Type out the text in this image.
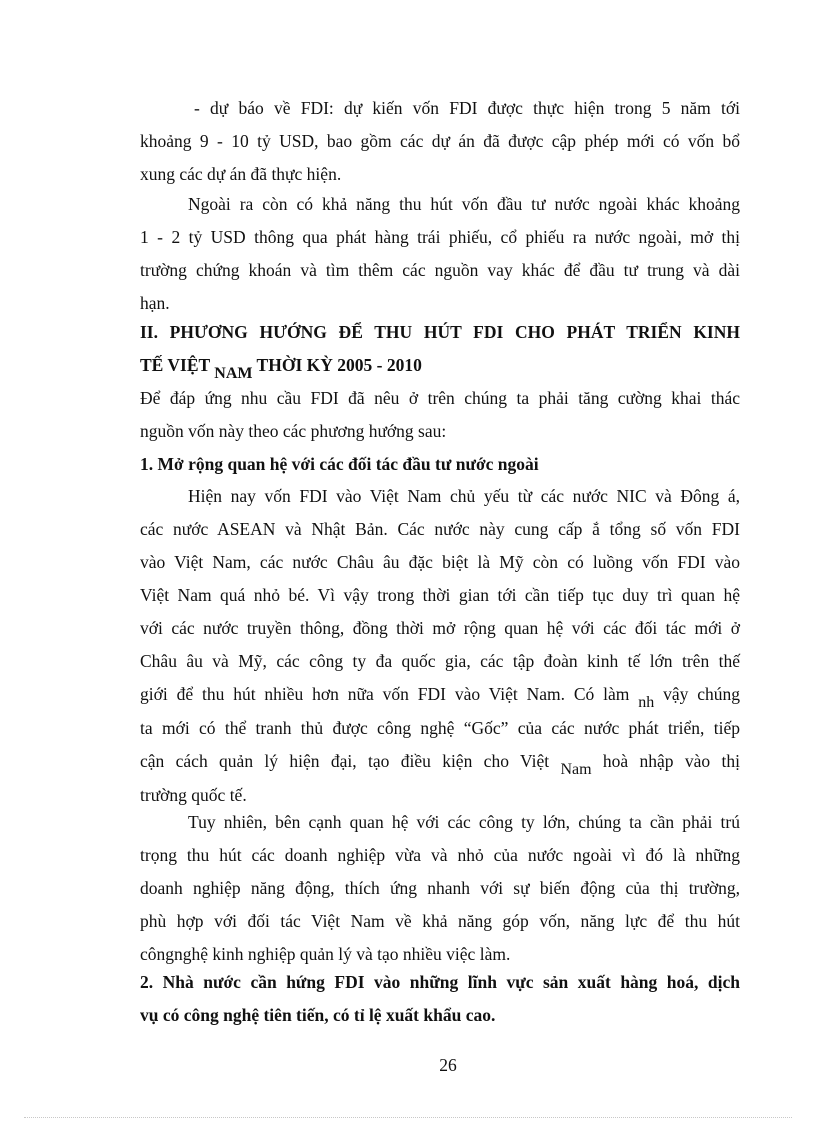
- dự báo về FDI: dự kiến vốn FDI được thực hiện trong 5 năm tới
khoảng 9 - 10 tỷ USD, bao gồm các dự án đã được cập phép mới có vốn bổ
xung các dự án đã thực hiện.
Ngoài ra còn có khả năng thu hút vốn đầu tư nước ngoài khác khoảng
1 - 2 tỷ USD thông qua phát hàng trái phiếu, cổ phiếu ra nước ngoài, mở thị
trường chứng khoán và tìm thêm các nguồn vay khác để đầu tư trung và dài
hạn.
II. PHƯƠNG HƯỚNG ĐỂ THU HÚT FDI CHO PHÁT TRIỂN KINH
TẾ VIỆT NAM THỜI KỲ 2005 - 2010
Để đáp ứng nhu cầu FDI đã nêu ở trên chúng ta phải tăng cường khai thác
nguồn vốn này theo các phương hướng sau:
1. Mở rộng quan hệ với các đối tác đầu tư nước ngoài
Hiện nay vốn FDI vào Việt Nam chủ yếu từ các nước NIC và Đông á,
các nước ASEAN và Nhật Bản. Các nước này cung cấp ắ tổng số vốn FDI
vào Việt Nam, các nước Châu âu đặc biệt là Mỹ còn có luồng vốn FDI vào
Việt Nam quá nhỏ bé. Vì vậy trong thời gian tới cần tiếp tục duy trì quan hệ
với các nước truyền thông, đồng thời mở rộng quan hệ với các đối tác mới ở
Châu âu và Mỹ, các công ty đa quốc gia, các tập đoàn kinh tế lớn trên thế
giới để thu hút nhiều hơn nữa vốn FDI vào Việt Nam. Có làm nh vậy chúng
ta mới có thể tranh thủ được công nghệ “Gốc” của các nước phát triển, tiếp
cận cách quản lý hiện đại, tạo điều kiện cho Việt Nam hoà nhập vào thị
trường quốc tế.
Tuy nhiên, bên cạnh quan hệ với các công ty lớn, chúng ta cần phải trú
trọng thu hút các doanh nghiệp vừa và nhỏ của nước ngoài vì đó là những
doanh nghiệp năng động, thích ứng nhanh với sự biến động của thị trường,
phù hợp với đối tác Việt Nam về khả năng góp vốn, năng lực để thu hút
côngnghệ kinh nghiệp quản lý và tạo nhiều việc làm.
2. Nhà nước cần hứng FDI vào những lĩnh vực sản xuất hàng hoá, dịch
vụ có công nghệ tiên tiến, có tỉ lệ xuất khẩu cao.
26
